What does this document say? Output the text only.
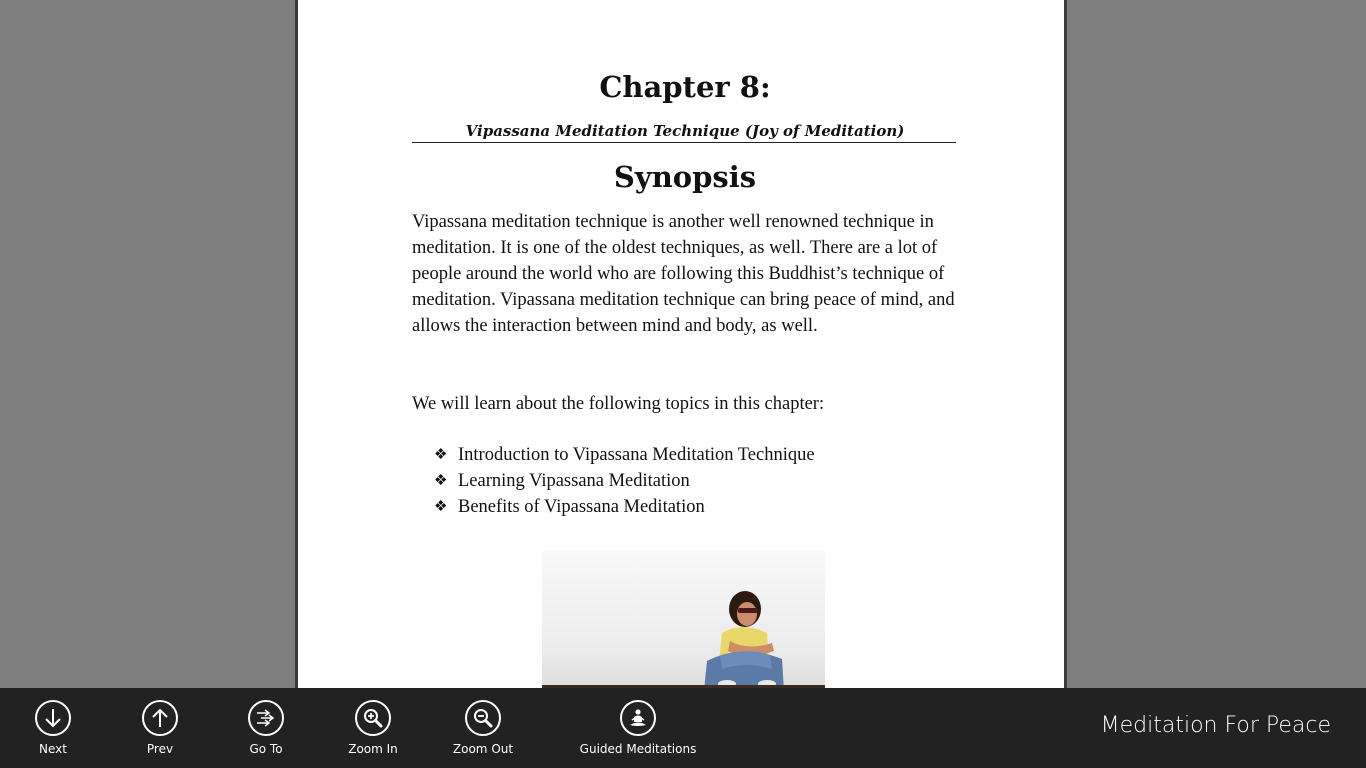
Chapter 8:
Vipassana Meditation Technique (Joy of Meditation)
Synopsis

Vipassana meditation technique is another well renowned technique in meditation. It is one of the oldest techniques, as well. There are a lot of people around the world who are following this Buddhist’s technique of meditation. Vipassana meditation technique can bring peace of mind, and allows the interaction between mind and body, as well.

We will learn about the following topics in this chapter:

❖ Introduction to Vipassana Meditation Technique
❖ Learning Vipassana Meditation
❖ Benefits of Vipassana Meditation
Next	Prev	Go To	Zoom In	Zoom Out	Guided Meditations
Meditation For Peace
